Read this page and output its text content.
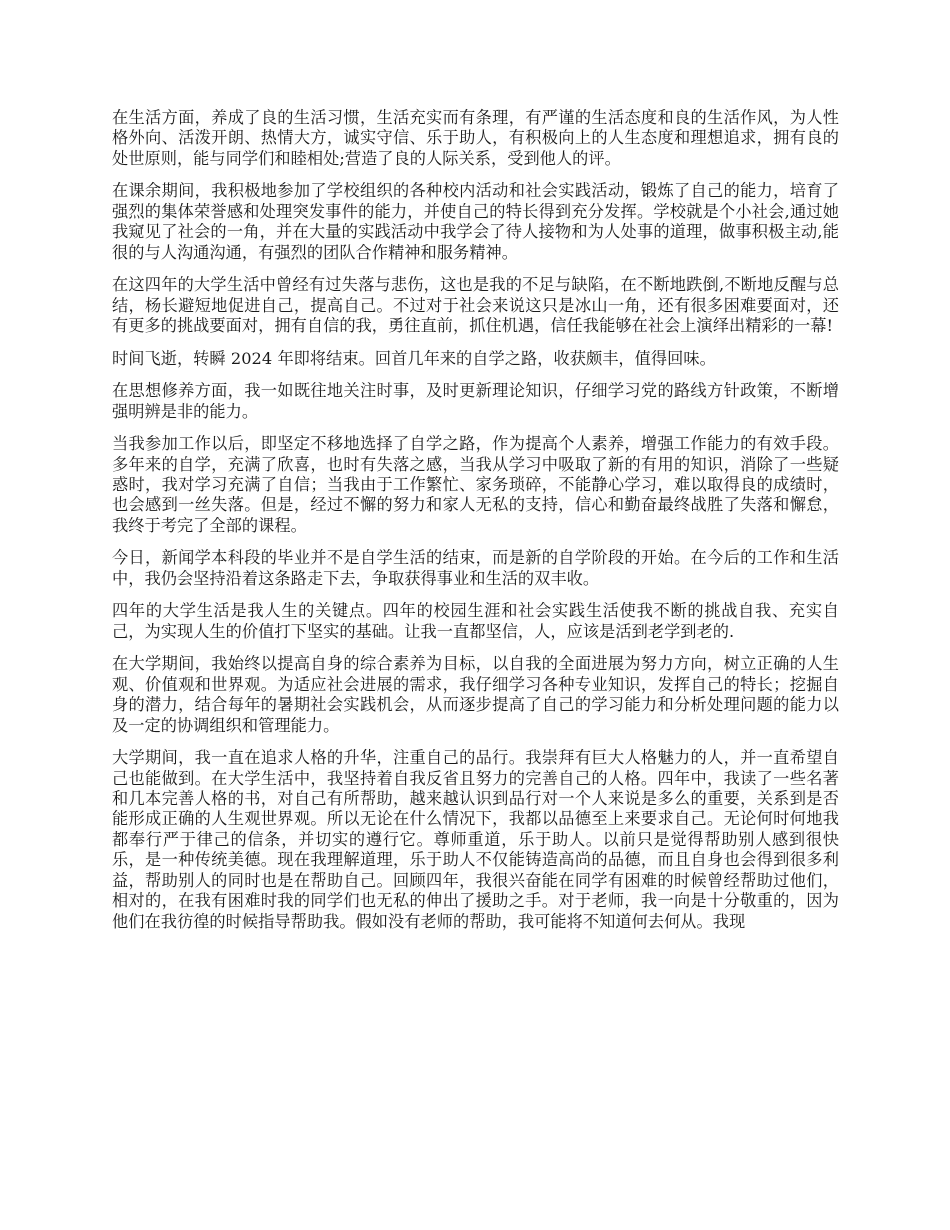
在生活方面，养成了良的生活习惯，生活充实而有条理，有严谨的生活态度和良的生活作风，为人性格外向、活泼开朗、热情大方，诚实守信、乐于助人，有积极向上的人生态度和理想追求，拥有良的处世原则，能与同学们和睦相处;营造了良的人际关系，受到他人的评。

在课余期间，我积极地参加了学校组织的各种校内活动和社会实践活动，锻炼了自己的能力，培育了强烈的集体荣誉感和处理突发事件的能力，并使自己的特长得到充分发挥。学校就是个小社会,通过她我窥见了社会的一角，并在大量的实践活动中我学会了待人接物和为人处事的道理，做事积极主动,能很的与人沟通沟通，有强烈的团队合作精神和服务精神。

在这四年的大学生活中曾经有过失落与悲伤，这也是我的不足与缺陷，在不断地跌倒,不断地反醒与总结，杨长避短地促进自己，提高自己。不过对于社会来说这只是冰山一角，还有很多困难要面对，还有更多的挑战要面对，拥有自信的我，勇往直前，抓住机遇，信任我能够在社会上演绎出精彩的一幕!

时间飞逝，转瞬 2024 年即将结束。回首几年来的自学之路，收获颇丰，值得回味。

在思想修养方面，我一如既往地关注时事，及时更新理论知识，仔细学习党的路线方针政策，不断增强明辨是非的能力。

当我参加工作以后，即坚定不移地选择了自学之路，作为提高个人素养，增强工作能力的有效手段。多年来的自学，充满了欣喜，也时有失落之感，当我从学习中吸取了新的有用的知识，消除了一些疑惑时，我对学习充满了自信；当我由于工作繁忙、家务琐碎，不能静心学习，难以取得良的成绩时，也会感到一丝失落。但是，经过不懈的努力和家人无私的支持，信心和勤奋最终战胜了失落和懈怠，我终于考完了全部的课程。

今日，新闻学本科段的毕业并不是自学生活的结束，而是新的自学阶段的开始。在今后的工作和生活中，我仍会坚持沿着这条路走下去，争取获得事业和生活的双丰收。

四年的大学生活是我人生的关键点。四年的校园生涯和社会实践生活使我不断的挑战自我、充实自己，为实现人生的价值打下坚实的基础。让我一直都坚信，人，应该是活到老学到老的.

在大学期间，我始终以提高自身的综合素养为目标，以自我的全面进展为努力方向，树立正确的人生观、价值观和世界观。为适应社会进展的需求，我仔细学习各种专业知识，发挥自己的特长；挖掘自身的潜力，结合每年的暑期社会实践机会，从而逐步提高了自己的学习能力和分析处理问题的能力以及一定的协调组织和管理能力。

大学期间，我一直在追求人格的升华，注重自己的品行。我崇拜有巨大人格魅力的人，并一直希望自己也能做到。在大学生活中，我坚持着自我反省且努力的完善自己的人格。四年中，我读了一些名著和几本完善人格的书，对自己有所帮助，越来越认识到品行对一个人来说是多么的重要，关系到是否能形成正确的人生观世界观。所以无论在什么情况下，我都以品德至上来要求自己。无论何时何地我都奉行严于律己的信条，并切实的遵行它。尊师重道，乐于助人。以前只是觉得帮助别人感到很快乐，是一种传统美德。现在我理解道理，乐于助人不仅能铸造高尚的品德，而且自身也会得到很多利益，帮助别人的同时也是在帮助自己。回顾四年，我很兴奋能在同学有困难的时候曾经帮助过他们，相对的，在我有困难时我的同学们也无私的伸出了援助之手。对于老师，我一向是十分敬重的，因为他们在我彷徨的时候指导帮助我。假如没有老师的帮助，我可能将不知道何去何从。我现
